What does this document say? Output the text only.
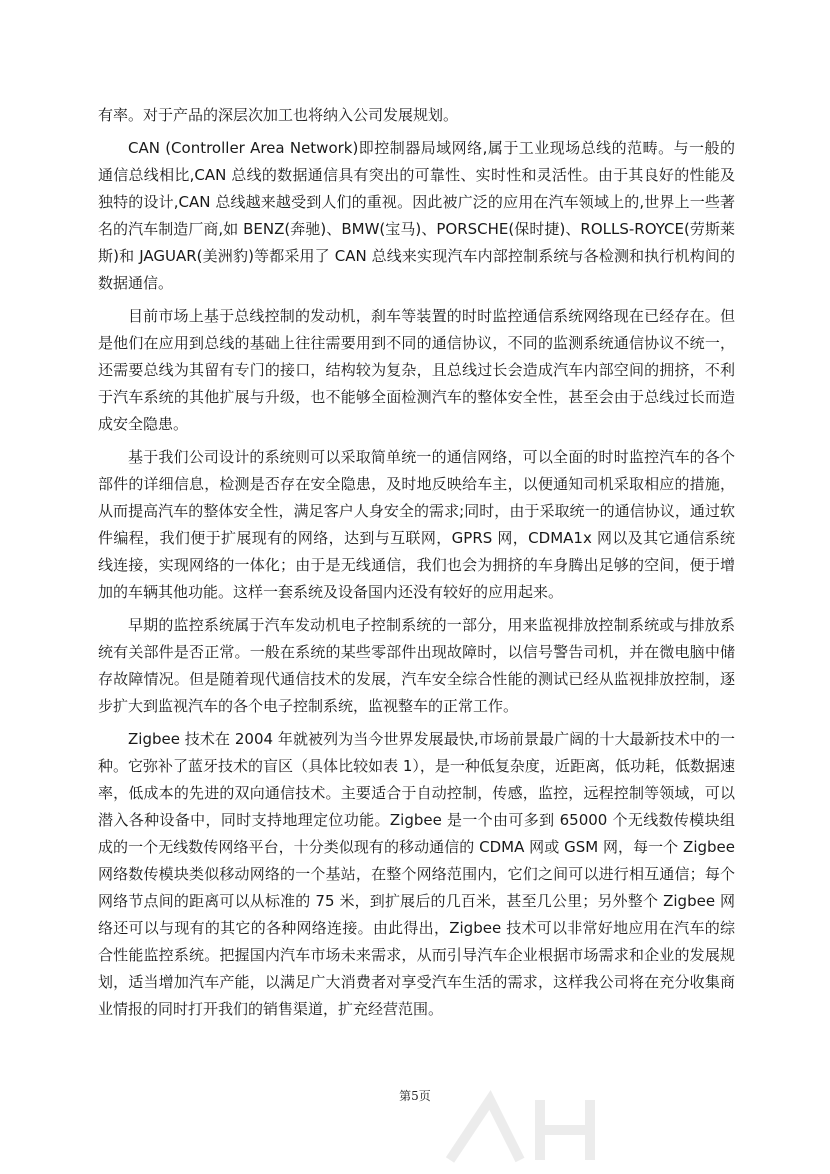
有率。对于产品的深层次加工也将纳入公司发展规划。

CAN (Controller Area Network)即控制器局域网络,属于工业现场总线的范畴。与一般的通信总线相比,CAN 总线的数据通信具有突出的可靠性、实时性和灵活性。由于其良好的性能及独特的设计,CAN 总线越来越受到人们的重视。因此被广泛的应用在汽车领域上的,世界上一些著名的汽车制造厂商,如 BENZ(奔驰)、BMW(宝马)、PORSCHE(保时捷)、ROLLS-ROYCE(劳斯莱斯)和 JAGUAR(美洲豹)等都采用了 CAN 总线来实现汽车内部控制系统与各检测和执行机构间的数据通信。

目前市场上基于总线控制的发动机，刹车等装置的时时监控通信系统网络现在已经存在。但是他们在应用到总线的基础上往往需要用到不同的通信协议，不同的监测系统通信协议不统一，还需要总线为其留有专门的接口，结构较为复杂，且总线过长会造成汽车内部空间的拥挤，不利于汽车系统的其他扩展与升级，也不能够全面检测汽车的整体安全性，甚至会由于总线过长而造成安全隐患。

基于我们公司设计的系统则可以采取简单统一的通信网络，可以全面的时时监控汽车的各个部件的详细信息，检测是否存在安全隐患，及时地反映给车主，以便通知司机采取相应的措施，从而提高汽车的整体安全性，满足客户人身安全的需求;同时，由于采取统一的通信协议，通过软件编程，我们便于扩展现有的网络，达到与互联网，GPRS 网，CDMA1x 网以及其它通信系统线连接，实现网络的一体化；由于是无线通信，我们也会为拥挤的车身腾出足够的空间，便于增加的车辆其他功能。这样一套系统及设备国内还没有较好的应用起来。

早期的监控系统属于汽车发动机电子控制系统的一部分，用来监视排放控制系统或与排放系统有关部件是否正常。一般在系统的某些零部件出现故障时，以信号警告司机，并在微电脑中储存故障情况。但是随着现代通信技术的发展，汽车安全综合性能的测试已经从监视排放控制，逐步扩大到监视汽车的各个电子控制系统，监视整车的正常工作。

Zigbee 技术在 2004 年就被列为当今世界发展最快,市场前景最广阔的十大最新技术中的一种。它弥补了蓝牙技术的盲区（具体比较如表 1），是一种低复杂度，近距离，低功耗，低数据速率，低成本的先进的双向通信技术。主要适合于自动控制，传感，监控，远程控制等领域，可以潜入各种设备中，同时支持地理定位功能。Zigbee 是一个由可多到 65000 个无线数传模块组成的一个无线数传网络平台，十分类似现有的移动通信的 CDMA 网或 GSM 网，每一个 Zigbee 网络数传模块类似移动网络的一个基站，在整个网络范围内，它们之间可以进行相互通信；每个网络节点间的距离可以从标准的 75 米，到扩展后的几百米，甚至几公里；另外整个 Zigbee 网络还可以与现有的其它的各种网络连接。由此得出，Zigbee 技术可以非常好地应用在汽车的综合性能监控系统。把握国内汽车市场未来需求，从而引导汽车企业根据市场需求和企业的发展规划，适当增加汽车产能，以满足广大消费者对享受汽车生活的需求，这样我公司将在充分收集商业情报的同时打开我们的销售渠道，扩充经营范围。

第5页
